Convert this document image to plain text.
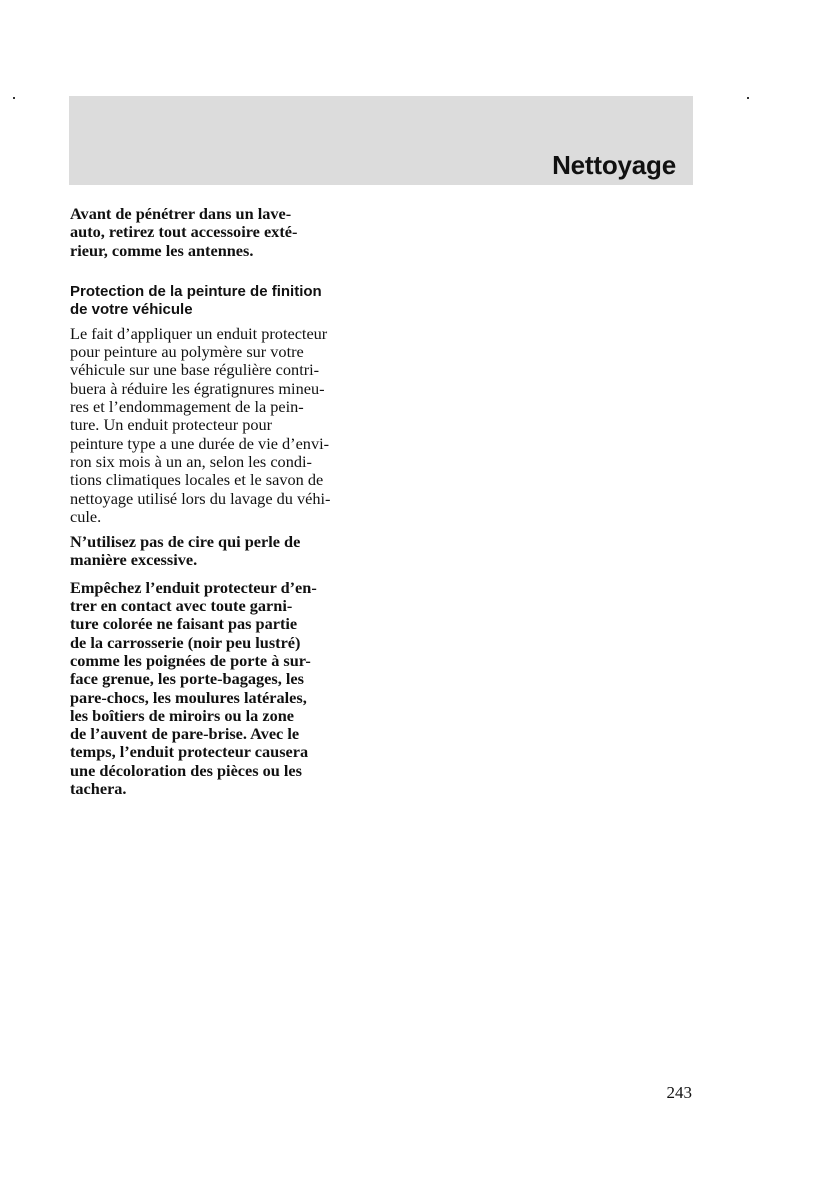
Nettoyage

Avant de pénétrer dans un lave-
auto, retirez tout accessoire exté-
rieur, comme les antennes.

Protection de la peinture de finition
de votre véhicule

Le fait d’appliquer un enduit protecteur
pour peinture au polymère sur votre
véhicule sur une base régulière contri-
buera à réduire les égratignures mineu-
res et l’endommagement de la pein-
ture. Un enduit protecteur pour
peinture type a une durée de vie d’envi-
ron six mois à un an, selon les condi-
tions climatiques locales et le savon de
nettoyage utilisé lors du lavage du véhi-
cule.

N’utilisez pas de cire qui perle de
manière excessive.

Empêchez l’enduit protecteur d’en-
trer en contact avec toute garni-
ture colorée ne faisant pas partie
de la carrosserie (noir peu lustré)
comme les poignées de porte à sur-
face grenue, les porte-bagages, les
pare-chocs, les moulures latérales,
les boîtiers de miroirs ou la zone
de l’auvent de pare-brise. Avec le
temps, l’enduit protecteur causera
une décoloration des pièces ou les
tachera.

243
